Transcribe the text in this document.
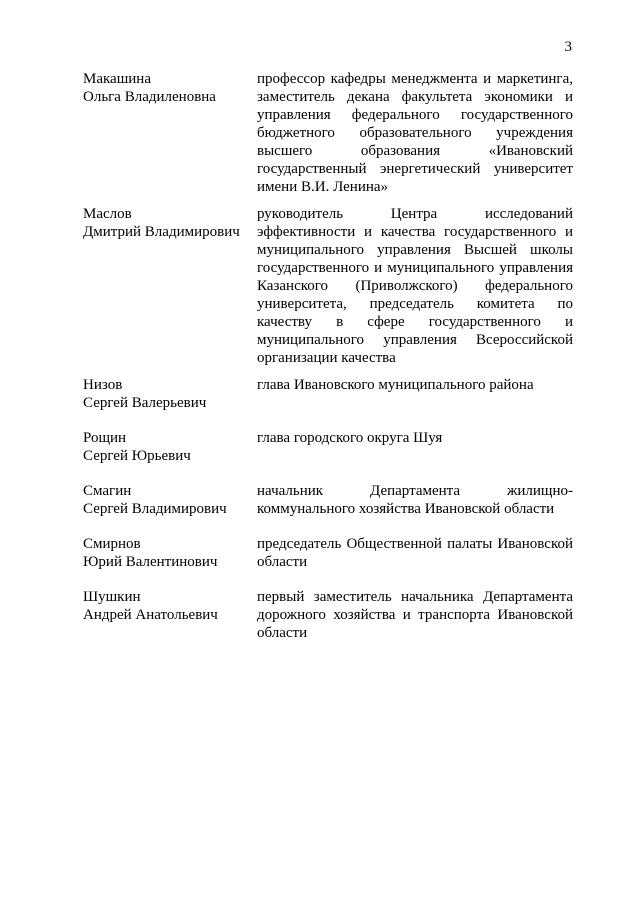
3
Макашина
Ольга Владиленовна
профессор кафедры менеджмента и маркетинга, заместитель декана факультета экономики и управления федерального государственного бюджетного образовательного учреждения высшего образования «Ивановский государственный энергетический университет имени В.И. Ленина»
Маслов
Дмитрий Владимирович
руководитель Центра исследований эффективности и качества государственного и муниципального управления Высшей школы государственного и муниципального управления Казанского (Приволжского) федерального университета, председатель комитета по качеству в сфере государственного и муниципального управления Всероссийской организации качества
Низов
Сергей Валерьевич
глава Ивановского муниципального района
Рощин
Сергей Юрьевич
глава городского округа Шуя
Смагин
Сергей Владимирович
начальник Департамента жилищно-коммунального хозяйства Ивановской области
Смирнов
Юрий Валентинович
председатель Общественной палаты Ивановской области
Шушкин
Андрей Анатольевич
первый заместитель начальника Департамента дорожного хозяйства и транспорта Ивановской области
